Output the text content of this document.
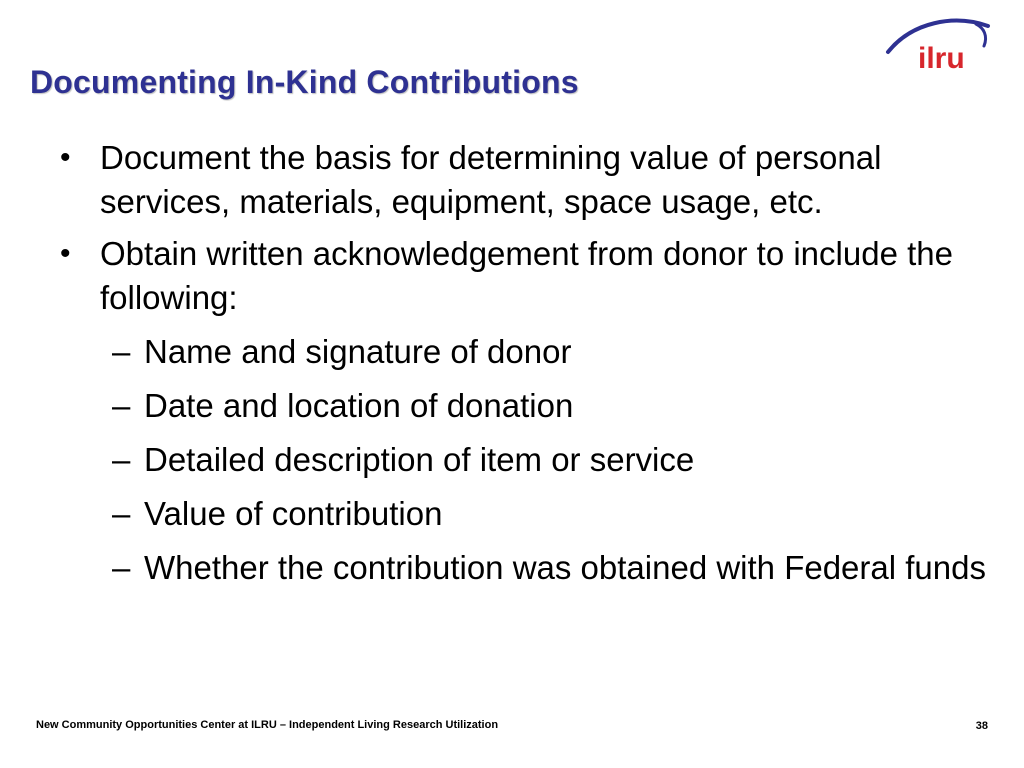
Documenting In-Kind Contributions
ilru
• Document the basis for determining value of personal services, materials, equipment, space usage, etc.
• Obtain written acknowledgement from donor to include the following:
– Name and signature of donor
– Date and location of donation
– Detailed description of item or service
– Value of contribution
– Whether the contribution was obtained with Federal funds
New Community Opportunities Center at ILRU – Independent Living Research Utilization	38
